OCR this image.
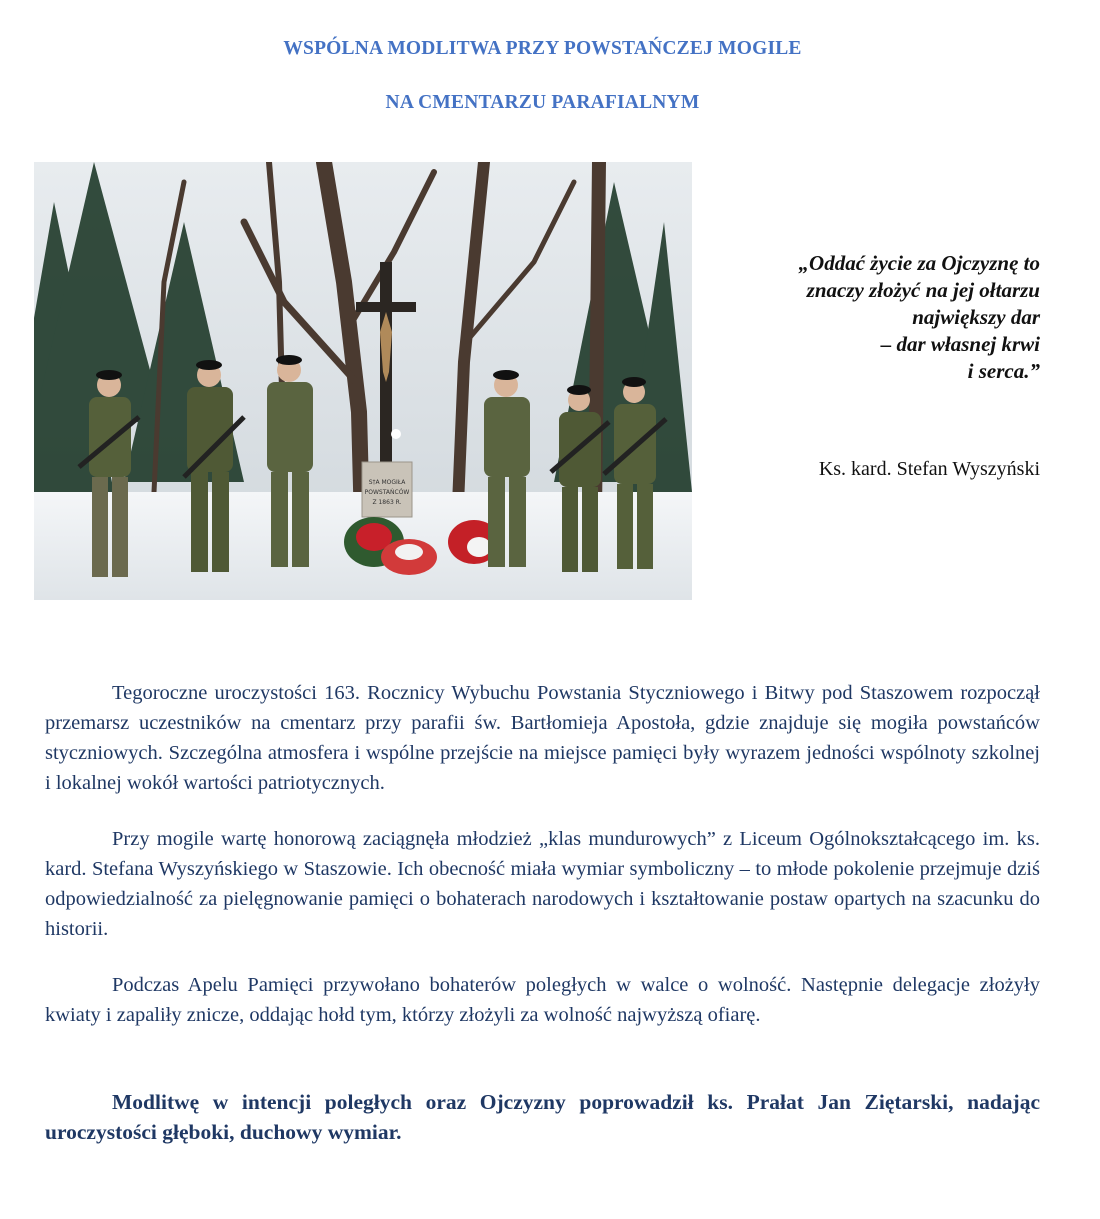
WSPÓLNA MODLITWA PRZY POWSTAŃCZEJ MOGILE
NA CMENTARZU PARAFIALNYM
S†A MOGIŁA
POWSTAŃCÓW
Z 1863 R.
„Oddać życie za Ojczyznę to
znaczy złożyć na jej ołtarzu
największy dar
– dar własnej krwi
i serca.”
Ks. kard. Stefan Wyszyński

Tegoroczne uroczystości 163. Rocznicy Wybuchu Powstania Styczniowego i Bitwy pod Staszowem rozpoczął przemarsz uczestników na cmentarz przy parafii św. Bartłomieja Apostoła, gdzie znajduje się mogiła powstańców styczniowych. Szczególna atmosfera i wspólne przejście na miejsce pamięci były wyrazem jedności wspólnoty szkolnej i lokalnej wokół wartości patriotycznych.

Przy mogile wartę honorową zaciągnęła młodzież „klas mundurowych” z Liceum Ogólnokształcącego im. ks. kard. Stefana Wyszyńskiego w Staszowie. Ich obecność miała wymiar symboliczny – to młode pokolenie przejmuje dziś odpowiedzialność za pielęgnowanie pamięci o bohaterach narodowych i kształtowanie postaw opartych na szacunku do historii.

Podczas Apelu Pamięci przywołano bohaterów poległych w walce o wolność. Następnie delegacje złożyły kwiaty i zapaliły znicze, oddając hołd tym, którzy złożyli za wolność najwyższą ofiarę.

Modlitwę w intencji poległych oraz Ojczyzny poprowadził ks. Prałat Jan Ziętarski, nadając uroczystości głęboki, duchowy wymiar.
